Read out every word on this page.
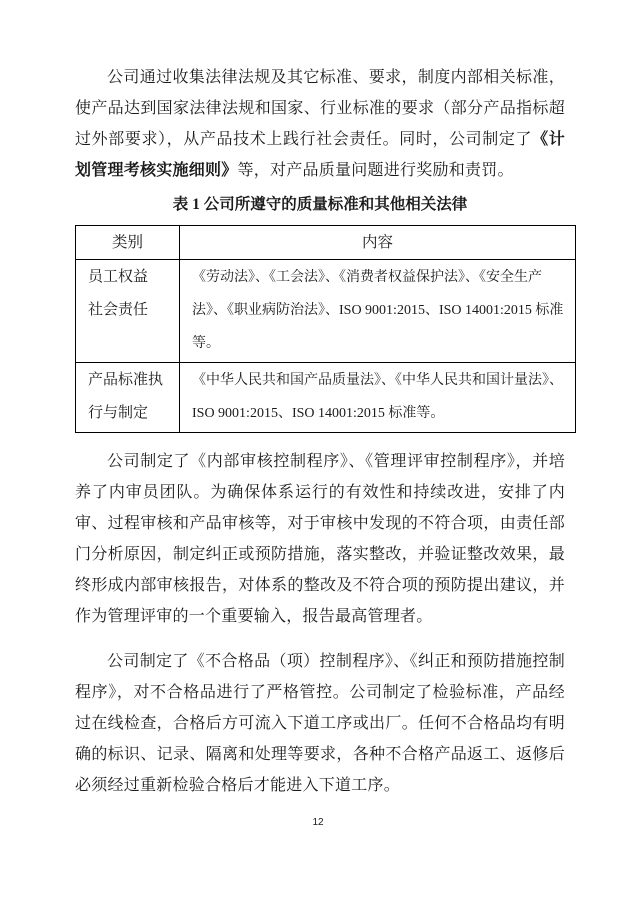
公司通过收集法律法规及其它标准、要求，制度内部相关标准，使产品达到国家法律法规和国家、行业标准的要求（部分产品指标超过外部要求），从产品技术上践行社会责任。同时，公司制定了《计划管理考核实施细则》等，对产品质量问题进行奖励和责罚。

表 1 公司所遵守的质量标准和其他相关法律
类别	内容

员工权益
社会责任	《劳动法》、《工会法》、《消费者权益保护法》、《安全生产法》、《职业病防治法》、ISO 9001:2015、ISO 14001:2015 标准等。

产品标准执
行与制定	《中华人民共和国产品质量法》、《中华人民共和国计量法》、ISO 9001:2015、ISO 14001:2015 标准等。

公司制定了《内部审核控制程序》、《管理评审控制程序》，并培养了内审员团队。为确保体系运行的有效性和持续改进，安排了内审、过程审核和产品审核等，对于审核中发现的不符合项，由责任部门分析原因，制定纠正或预防措施，落实整改，并验证整改效果，最终形成内部审核报告，对体系的整改及不符合项的预防提出建议，并作为管理评审的一个重要输入，报告最高管理者。

公司制定了《不合格品（项）控制程序》、《纠正和预防措施控制程序》，对不合格品进行了严格管控。公司制定了检验标准，产品经过在线检查，合格后方可流入下道工序或出厂。任何不合格品均有明确的标识、记录、隔离和处理等要求，各种不合格产品返工、返修后必须经过重新检验合格后才能进入下道工序。

12
